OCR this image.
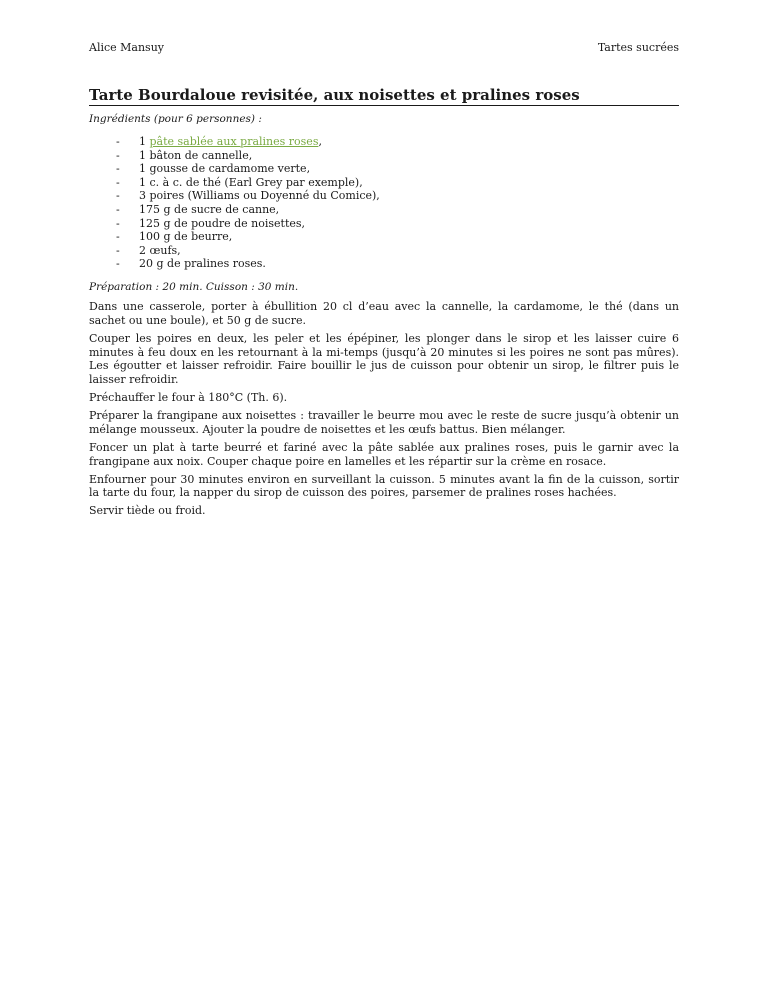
Alice Mansuy	Tartes sucrées
Tarte Bourdaloue revisitée, aux noisettes et pralines roses
Ingrédients (pour 6 personnes) :
- 1 pâte sablée aux pralines roses,
- 1 bâton de cannelle,
- 1 gousse de cardamome verte,
- 1 c. à c. de thé (Earl Grey par exemple),
- 3 poires (Williams ou Doyenné du Comice),
- 175 g de sucre de canne,
- 125 g de poudre de noisettes,
- 100 g de beurre,
- 2 œufs,
- 20 g de pralines roses.
Préparation : 20 min. Cuisson : 30 min.

Dans une casserole, porter à ébullition 20 cl d’eau avec la cannelle, la cardamome, le thé (dans un sachet ou une boule), et 50 g de sucre.

Couper les poires en deux, les peler et les épépiner, les plonger dans le sirop et les laisser cuire 6 minutes à feu doux en les retournant à la mi-temps (jusqu’à 20 minutes si les poires ne sont pas mûres). Les égoutter et laisser refroidir. Faire bouillir le jus de cuisson pour obtenir un sirop, le filtrer puis le laisser refroidir.

Préchauffer le four à 180°C (Th. 6).

Préparer la frangipane aux noisettes : travailler le beurre mou avec le reste de sucre jusqu’à obtenir un mélange mousseux. Ajouter la poudre de noisettes et les œufs battus. Bien mélanger.

Foncer un plat à tarte beurré et fariné avec la pâte sablée aux pralines roses, puis le garnir avec la frangipane aux noix. Couper chaque poire en lamelles et les répartir sur la crème en rosace.

Enfourner pour 30 minutes environ en surveillant la cuisson. 5 minutes avant la fin de la cuisson, sortir la tarte du four, la napper du sirop de cuisson des poires, parsemer de pralines roses hachées.

Servir tiède ou froid.
